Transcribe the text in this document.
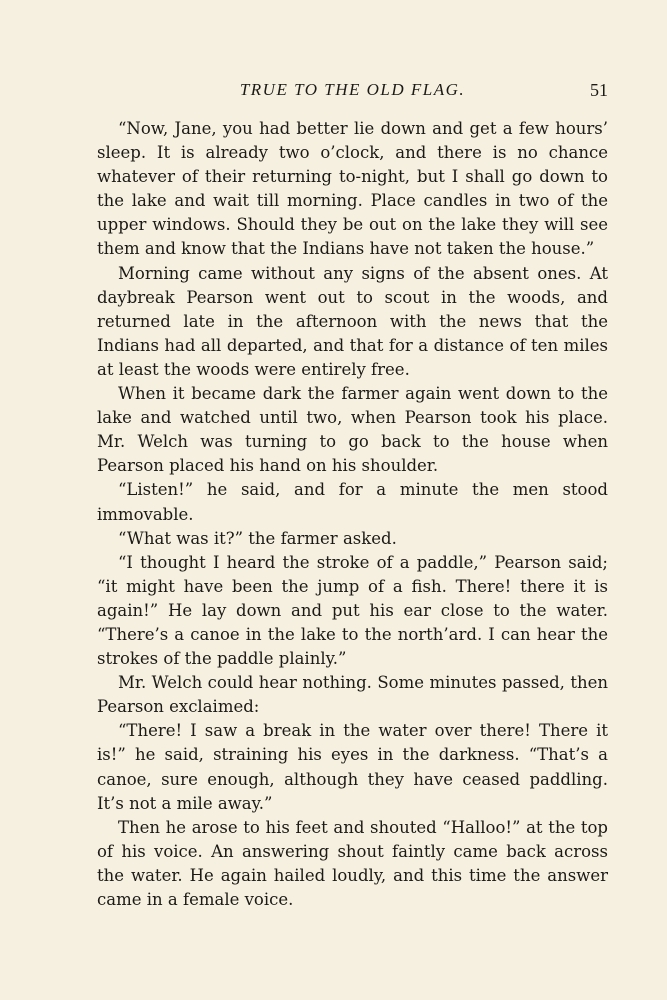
TRUE TO THE OLD FLAG.	51

“Now, Jane, you had better lie down and get a few hours’ sleep. It is already two o’clock, and there is no chance whatever of their returning to-night, but I shall go down to the lake and wait till morning. Place candles in two of the upper windows. Should they be out on the lake they will see them and know that the Indians have not taken the house.”

Morning came without any signs of the absent ones. At daybreak Pearson went out to scout in the woods, and returned late in the afternoon with the news that the Indians had all departed, and that for a distance of ten miles at least the woods were entirely free.

When it became dark the farmer again went down to the lake and watched until two, when Pearson took his place. Mr. Welch was turning to go back to the house when Pearson placed his hand on his shoulder.

“Listen!” he said, and for a minute the men stood immovable.

“What was it?” the farmer asked.

“I thought I heard the stroke of a paddle,” Pearson said; “it might have been the jump of a fish. There! there it is again!” He lay down and put his ear close to the water. “There’s a canoe in the lake to the north’ard. I can hear the strokes of the paddle plainly.”

Mr. Welch could hear nothing. Some minutes passed, then Pearson exclaimed:

“There! I saw a break in the water over there! There it is!” he said, straining his eyes in the darkness. “That’s a canoe, sure enough, although they have ceased paddling. It’s not a mile away.”

Then he arose to his feet and shouted “Halloo!” at the top of his voice. An answering shout faintly came back across the water. He again hailed loudly, and this time the answer came in a female voice.
